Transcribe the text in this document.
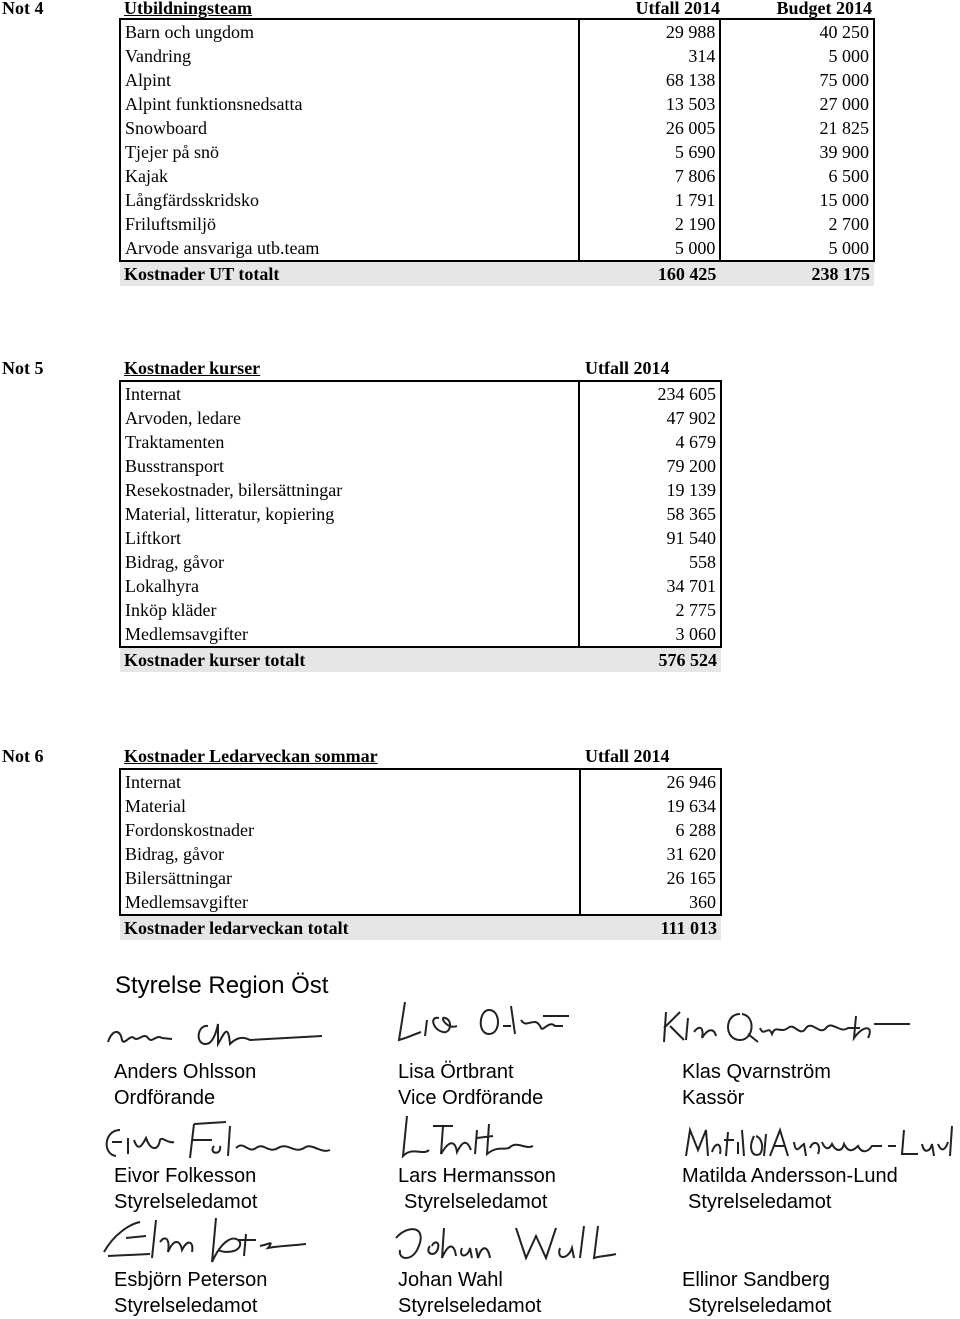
Not 4	Utbildningsteam	Utfall 2014	Budget 2014
Barn och ungdom	29 988	40 250
Vandring	314	5 000
Alpint	68 138	75 000
Alpint funktionsnedsatta	13 503	27 000
Snowboard	26 005	21 825
Tjejer på snö	5 690	39 900
Kajak	7 806	6 500
Långfärdsskridsko	1 791	15 000
Friluftsmiljö	2 190	2 700
Arvode ansvariga utb.team	5 000	5 000
Kostnader UT totalt	160 425	238 175
Not 5	Kostnader kurser	Utfall 2014
Internat	234 605
Arvoden, ledare	47 902
Traktamenten	4 679
Busstransport	79 200
Resekostnader, bilersättningar	19 139
Material, litteratur, kopiering	58 365
Liftkort	91 540
Bidrag, gåvor	558
Lokalhyra	34 701
Inköp kläder	2 775
Medlemsavgifter	3 060
Kostnader kurser totalt	576 524
Not 6	Kostnader Ledarveckan sommar	Utfall 2014
Internat	26 946
Material	19 634
Fordonskostnader	6 288
Bidrag, gåvor	31 620
Bilersättningar	26 165
Medlemsavgifter	360
Kostnader ledarveckan totalt	111 013
Styrelse Region Öst
Anders Ohlsson
Ordförande
Lisa Örtbrant
Vice Ordförande
Klas Qvarnström
Kassör
Eivor Folkesson
Styrelseledamot
Lars Hermansson
Styrelseledamot
Matilda Andersson-Lund
Styrelseledamot
Esbjörn Peterson
Styrelseledamot
Johan Wahl
Styrelseledamot
Ellinor Sandberg
Styrelseledamot
